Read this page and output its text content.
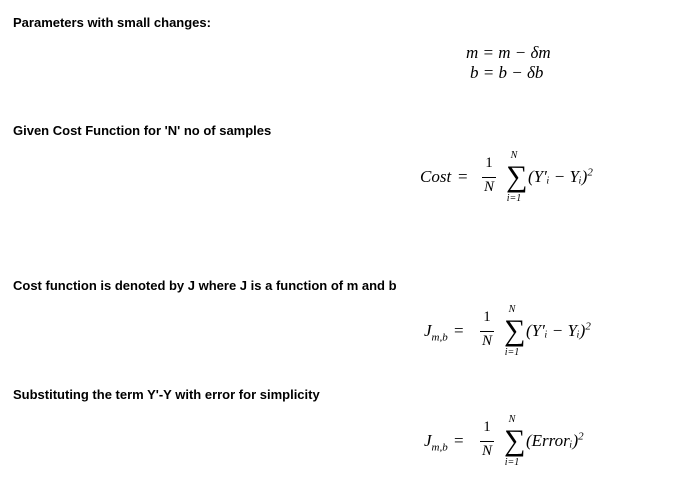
Parameters with small changes:
m = m − δm
b = b − δb
Given Cost Function for 'N' no of samples
Cost =
1
N
N
∑
i=1
(Y′ᵢ − Yᵢ)$^2$
Cost function is denoted by J where J is a function of m and b
$J_{m,b}$ =
1
N
N
∑
i=1
(Y′ᵢ − Yᵢ)$^2$
Substituting the term Y'-Y with error for simplicity
$J_{m,b}$ =
1
N
N
∑
i=1
(Errorᵢ)$^2$
